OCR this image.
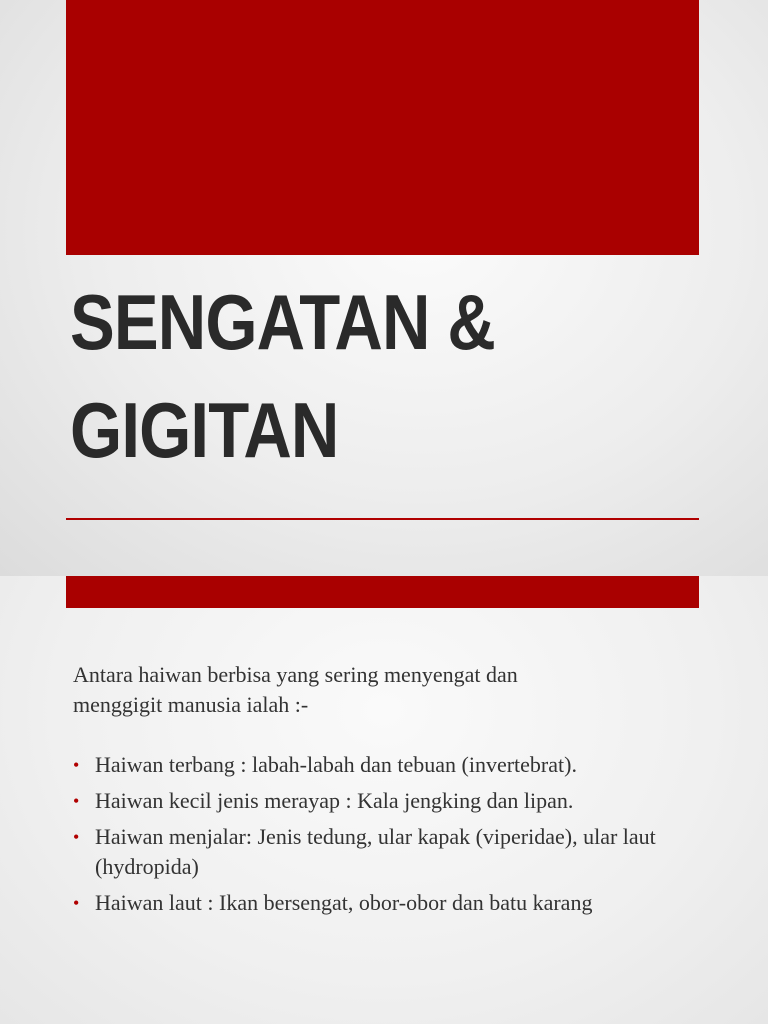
SENGATAN &
GIGITAN

Antara haiwan berbisa yang sering menyengat dan
menggigit manusia ialah :-

• Haiwan terbang : labah-labah dan tebuan (invertebrat).
• Haiwan kecil jenis merayap : Kala jengking dan lipan.
• Haiwan menjalar: Jenis tedung, ular kapak (viperidae), ular laut (hydropida)
• Haiwan laut : Ikan bersengat, obor-obor dan batu karang
